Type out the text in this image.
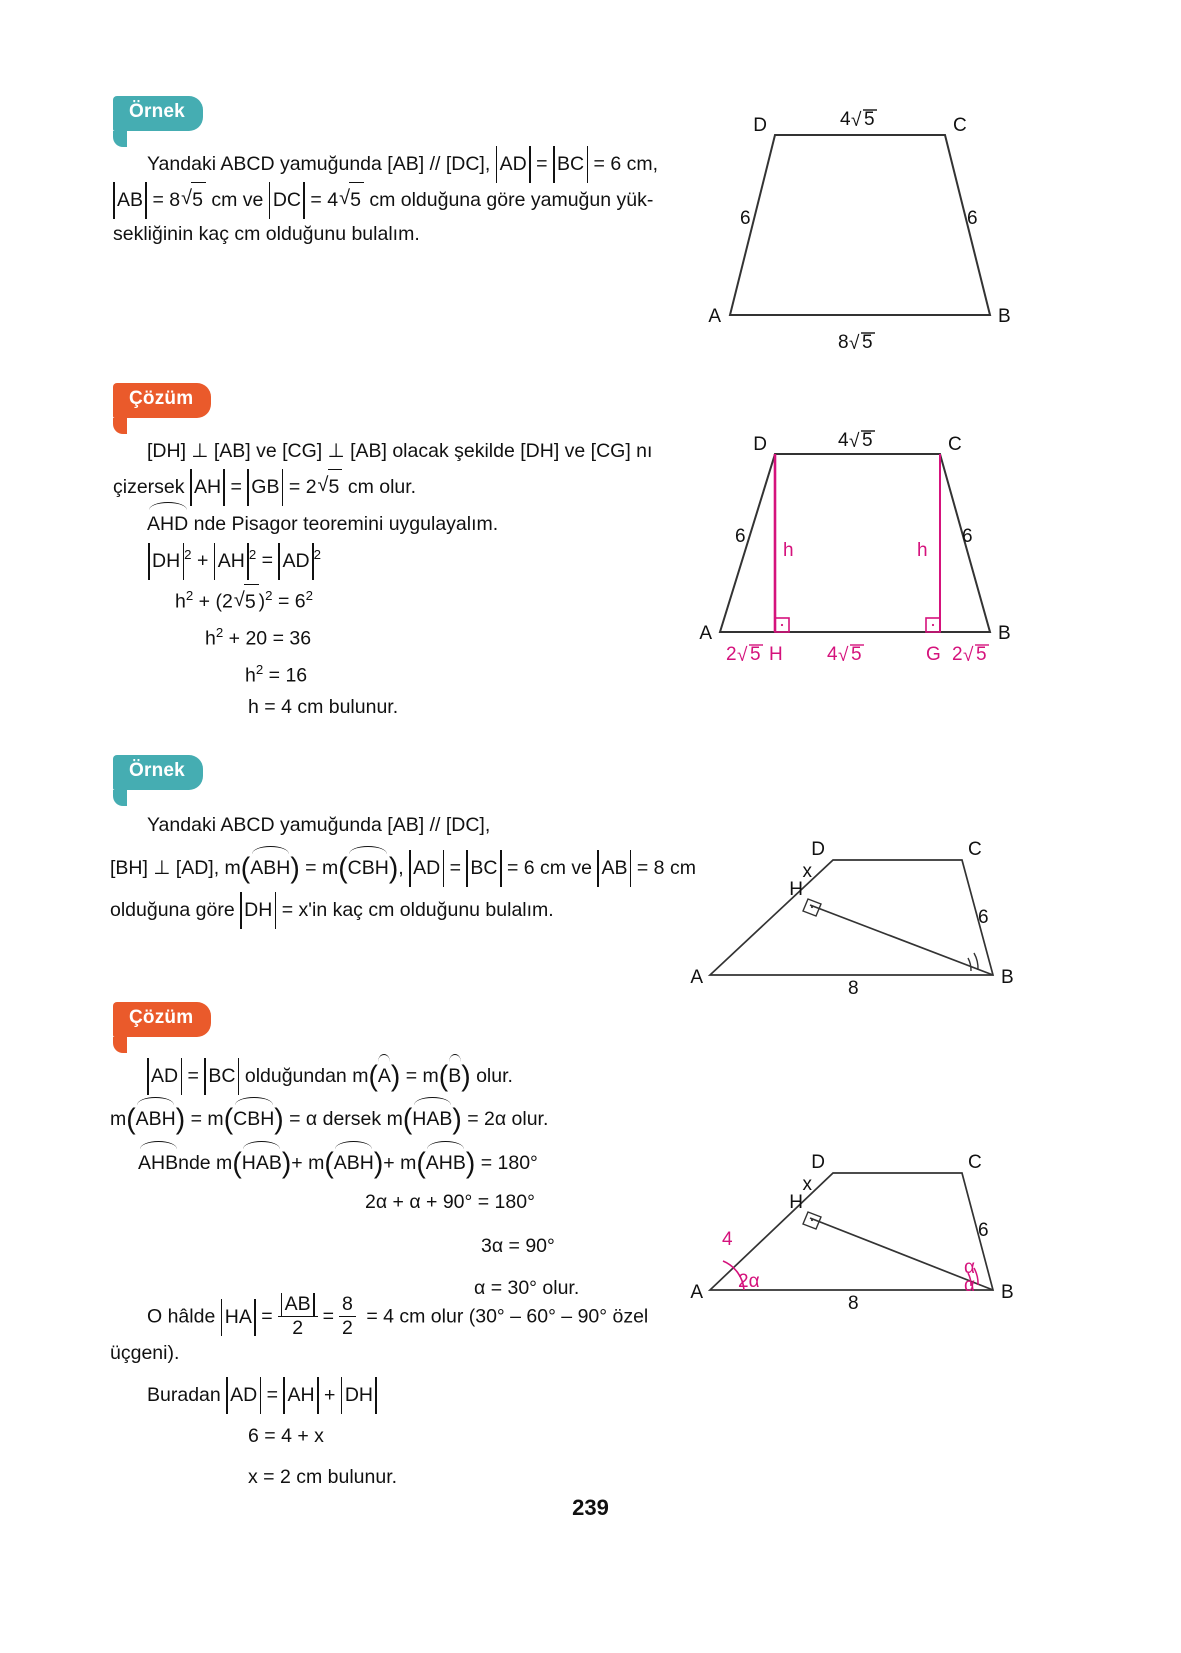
Örnek
Yandaki ABCD yamuğunda [AB] // [DC], AD = BC = 6 cm,
AB = 8 √ 5 cm ve DC = 4 √ 5 cm olduğuna göre yamuğun yük-
sekliğinin kaç cm olduğunu bulalım.
D	C
A	B
4 √ 5
8 √ 5
6	6
Çözüm
[DH] ⊥ [AB] ve [CG] ⊥ [AB] olacak şekilde [DH] ve [CG] nı
çizersek AH = GB = 2 √ 5 cm olur.
AHD nde Pisagor teoremini uygulayalım.
DH $^2$ + AH $^2$ = AD $^2$
$h^2 + (2$ √ 5 )$^2 = 6^2$
$h^2 + 20 = 36$
$h^2 = 16$
h = 4 cm bulunur.
D	C
A	B
4 √ 5
6	6
h	h
2 √ 5 H 4 √ 5	G 2 √ 5
Örnek
Yandaki ABCD yamuğunda [AB] // [DC],
[BH] ⊥ [AD], m(
ABH) = m(
CBH), AD = BC = 6 cm ve AB = 8 cm
olduğuna göre DH = x'in kaç cm olduğunu bulalım.
D	C
A	B
H
x
6
8
Çözüm
AD = BC olduğundan m(
A) = m(
B) olur.
m(
ABH) = m(
CBH) = α dersek m(
HAB) = 2α olur.
AHBnde m(
HAB)+ m(
ABH)+ m(
AHB) = 180°
2α + α + 90° = 180°
3α = 90°
α = 30° olur.
O hâlde HA = $\frac{AB}{2} = \frac{8}{2} = 4$ cm olur (30° – 60° – 90° özel
üçgeni).
Buradan AD = AH + DH
6 = 4 + x
x = 2 cm bulunur.
D	C
A	B
H
x
4
2α
α
α
6
8
239
